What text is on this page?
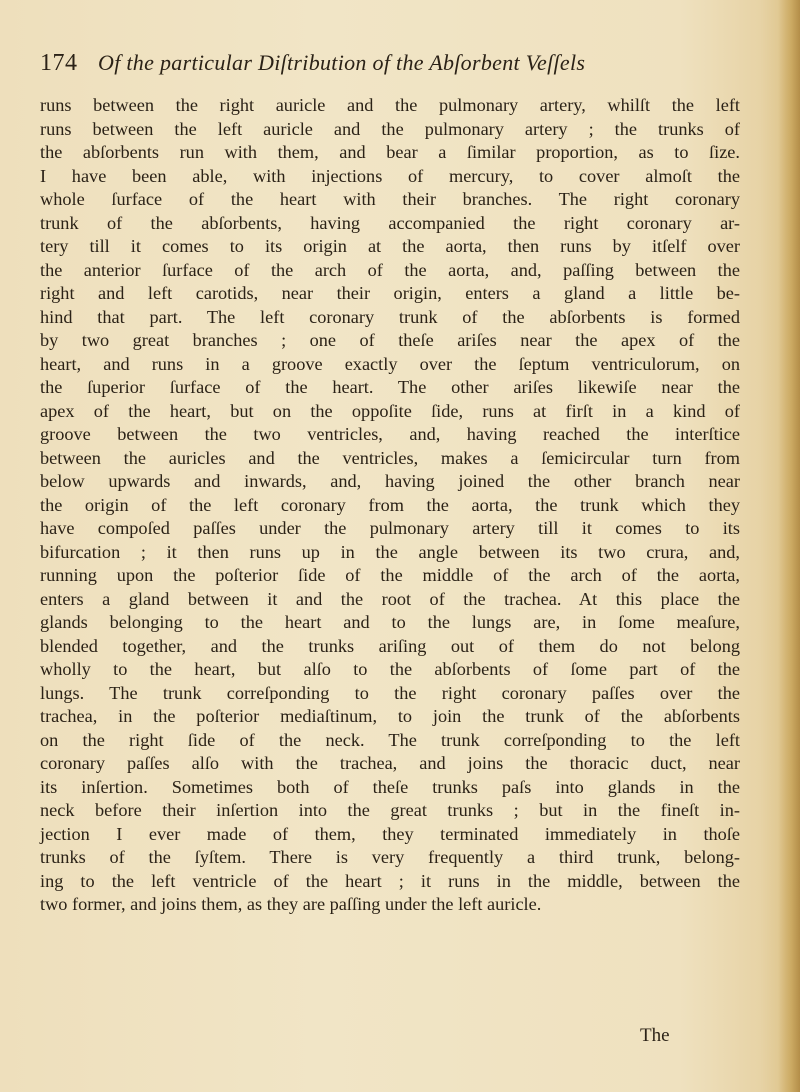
174 Of the particular Diſtribution of the Abſorbent Veſſels
runs between the right auricle and the pulmonary artery, whilſt the left
runs between the left auricle and the pulmonary artery ; the trunks of
the abſorbents run with them, and bear a ſimilar proportion, as to ſize.
I have been able, with injections of mercury, to cover almoſt the
whole ſurface of the heart with their branches. The right coronary
trunk of the abſorbents, having accompanied the right coronary ar-
tery till it comes to its origin at the aorta, then runs by itſelf over
the anterior ſurface of the arch of the aorta, and, paſſing between the
right and left carotids, near their origin, enters a gland a little be-
hind that part. The left coronary trunk of the abſorbents is formed
by two great branches ; one of theſe ariſes near the apex of the
heart, and runs in a groove exactly over the ſeptum ventriculorum, on
the ſuperior ſurface of the heart. The other ariſes likewiſe near the
apex of the heart, but on the oppoſite ſide, runs at firſt in a kind of
groove between the two ventricles, and, having reached the interſtice
between the auricles and the ventricles, makes a ſemicircular turn from
below upwards and inwards, and, having joined the other branch near
the origin of the left coronary from the aorta, the trunk which they
have compoſed paſſes under the pulmonary artery till it comes to its
bifurcation ; it then runs up in the angle between its two crura, and,
running upon the poſterior ſide of the middle of the arch of the aorta,
enters a gland between it and the root of the trachea. At this place the
glands belonging to the heart and to the lungs are, in ſome meaſure,
blended together, and the trunks ariſing out of them do not belong
wholly to the heart, but alſo to the abſorbents of ſome part of the
lungs. The trunk correſponding to the right coronary paſſes over the
trachea, in the poſterior mediaſtinum, to join the trunk of the abſorbents
on the right ſide of the neck. The trunk correſponding to the left
coronary paſſes alſo with the trachea, and joins the thoracic duct, near
its inſertion. Sometimes both of theſe trunks paſs into glands in the
neck before their inſertion into the great trunks ; but in the fineſt in-
jection I ever made of them, they terminated immediately in thoſe
trunks of the ſyſtem. There is very frequently a third trunk, belong-
ing to the left ventricle of the heart ; it runs in the middle, between the
two former, and joins them, as they are paſſing under the left auricle.
The
